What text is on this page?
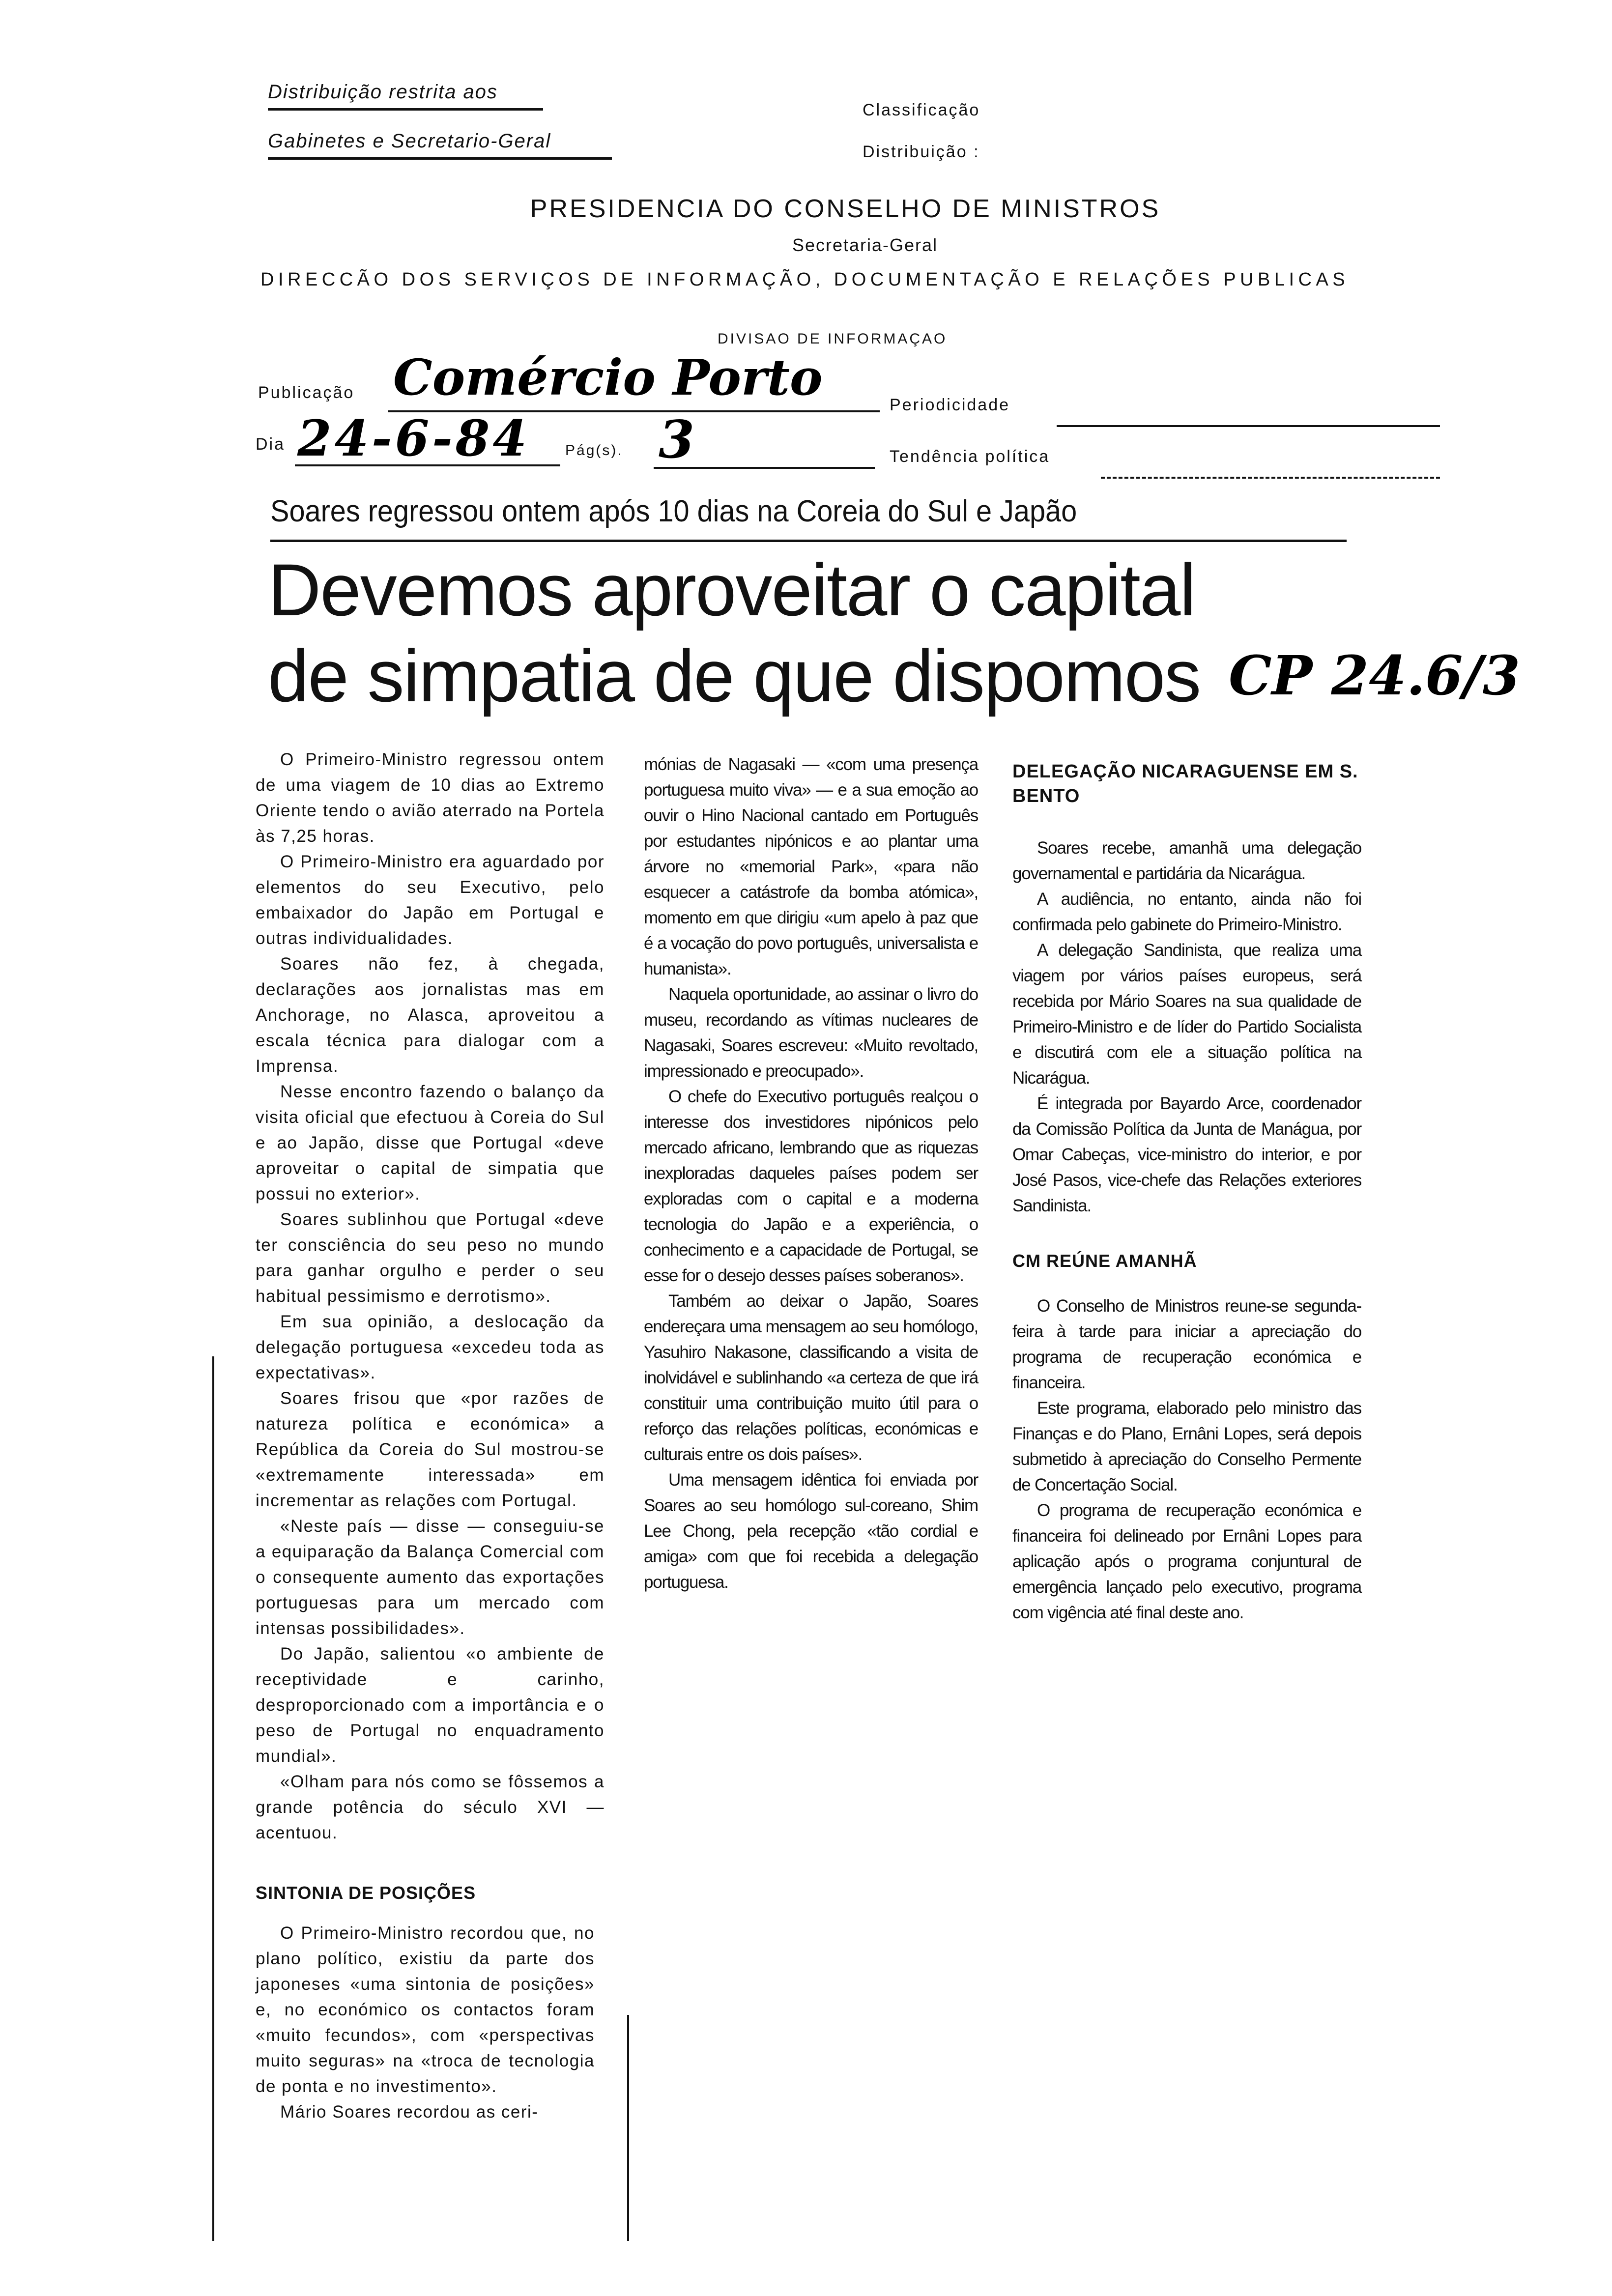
Distribuição restrita aos
Gabinetes e Secretario-Geral
Classificação
Distribuição :
PRESIDENCIA DO CONSELHO DE MINISTROS
Secretaria-Geral
DIRECCÃO DOS SERVIÇOS DE INFORMAÇÃO, DOCUMENTAÇÃO E RELAÇÕES PUBLICAS
DIVISAO DE INFORMAÇAO
Publicação Comércio Porto	Periodicidade
Dia 24-6-84 Pág(s). 3	Tendência política
Soares regressou ontem após 10 dias na Coreia do Sul e Japão
Devemos aproveitar o capital
de simpatia de que dispomos CP 24.6/3

O Primeiro-Ministro regressou ontem de uma viagem de 10 dias ao Extremo Oriente tendo o avião aterrado na Portela às 7,25 horas.

O Primeiro-Ministro era aguardado por elementos do seu Executivo, pelo embaixador do Japão em Portugal e outras individualidades.

Soares não fez, à chegada, declarações aos jornalistas mas em Anchorage, no Alasca, aproveitou a escala técnica para dialogar com a Imprensa.

Nesse encontro fazendo o balanço da visita oficial que efectuou à Coreia do Sul e ao Japão, disse que Portugal «deve aproveitar o capital de simpatia que possui no exterior».

Soares sublinhou que Portugal «deve ter consciência do seu peso no mundo para ganhar orgulho e perder o seu habitual pessimismo e derrotismo».

Em sua opinião, a deslocação da delegação portuguesa «excedeu toda as expectativas».

Soares frisou que «por razões de natureza política e económica» a República da Coreia do Sul mostrou-se «extremamente interessada» em incrementar as relações com Portugal.

«Neste país — disse — conseguiu-se a equiparação da Balança Comercial com o consequente aumento das exportações portuguesas para um mercado com intensas possibilidades».

Do Japão, salientou «o ambiente de receptividade e carinho, desproporcionado com a importância e o peso de Portugal no enquadramento mundial».

«Olham para nós como se fôssemos a grande potência do século XVI — acentuou.

SINTONIA DE POSIÇÕES

O Primeiro-Ministro recordou que, no plano político, existiu da parte dos japoneses «uma sintonia de posições» e, no económico os contactos foram «muito fecundos», com «perspectivas muito seguras» na «troca de tecnologia de ponta e no investimento».

Mário Soares recordou as ceri-

mónias de Nagasaki — «com uma presença portuguesa muito viva» — e a sua emoção ao ouvir o Hino Nacional cantado em Português por estudantes nipónicos e ao plantar uma árvore no «memorial Park», «para não esquecer a catástrofe da bomba atómica», momento em que dirigiu «um apelo à paz que é a vocação do povo português, universalista e humanista».

Naquela oportunidade, ao assinar o livro do museu, recordando as vítimas nucleares de Nagasaki, Soares escreveu: «Muito revoltado, impressionado e preocupado».

O chefe do Executivo português realçou o interesse dos investidores nipónicos pelo mercado africano, lembrando que as riquezas inexploradas daqueles países podem ser exploradas com o capital e a moderna tecnologia do Japão e a experiência, o conhecimento e a capacidade de Portugal, se esse for o desejo desses países soberanos».

Também ao deixar o Japão, Soares endereçara uma mensagem ao seu homólogo, Yasuhiro Nakasone, classificando a visita de inolvidável e sublinhando «a certeza de que irá constituir uma contribuição muito útil para o reforço das relações políticas, económicas e culturais entre os dois países».

Uma mensagem idêntica foi enviada por Soares ao seu homólogo sul-coreano, Shim Lee Chong, pela recepção «tão cordial e amiga» com que foi recebida a delegação portuguesa.

DELEGAÇÃO NICARAGUENSE EM S. BENTO

Soares recebe, amanhã uma delegação governamental e partidária da Nicarágua.

A audiência, no entanto, ainda não foi confirmada pelo gabinete do Primeiro-Ministro.

A delegação Sandinista, que realiza uma viagem por vários países europeus, será recebida por Mário Soares na sua qualidade de Primeiro-Ministro e de líder do Partido Socialista e discutirá com ele a situação política na Nicarágua.

É integrada por Bayardo Arce, coordenador da Comissão Política da Junta de Manágua, por Omar Cabeças, vice-ministro do interior, e por José Pasos, vice-chefe das Relações exteriores Sandinista.

CM REÚNE AMANHÃ

O Conselho de Ministros reune-se segunda-feira à tarde para iniciar a apreciação do programa de recuperação económica e financeira.

Este programa, elaborado pelo ministro das Finanças e do Plano, Ernâni Lopes, será depois submetido à apreciação do Conselho Permente de Concertação Social.

O programa de recuperação económica e financeira foi delineado por Ernâni Lopes para aplicação após o programa conjuntural de emergência lançado pelo executivo, programa com vigência até final deste ano.
